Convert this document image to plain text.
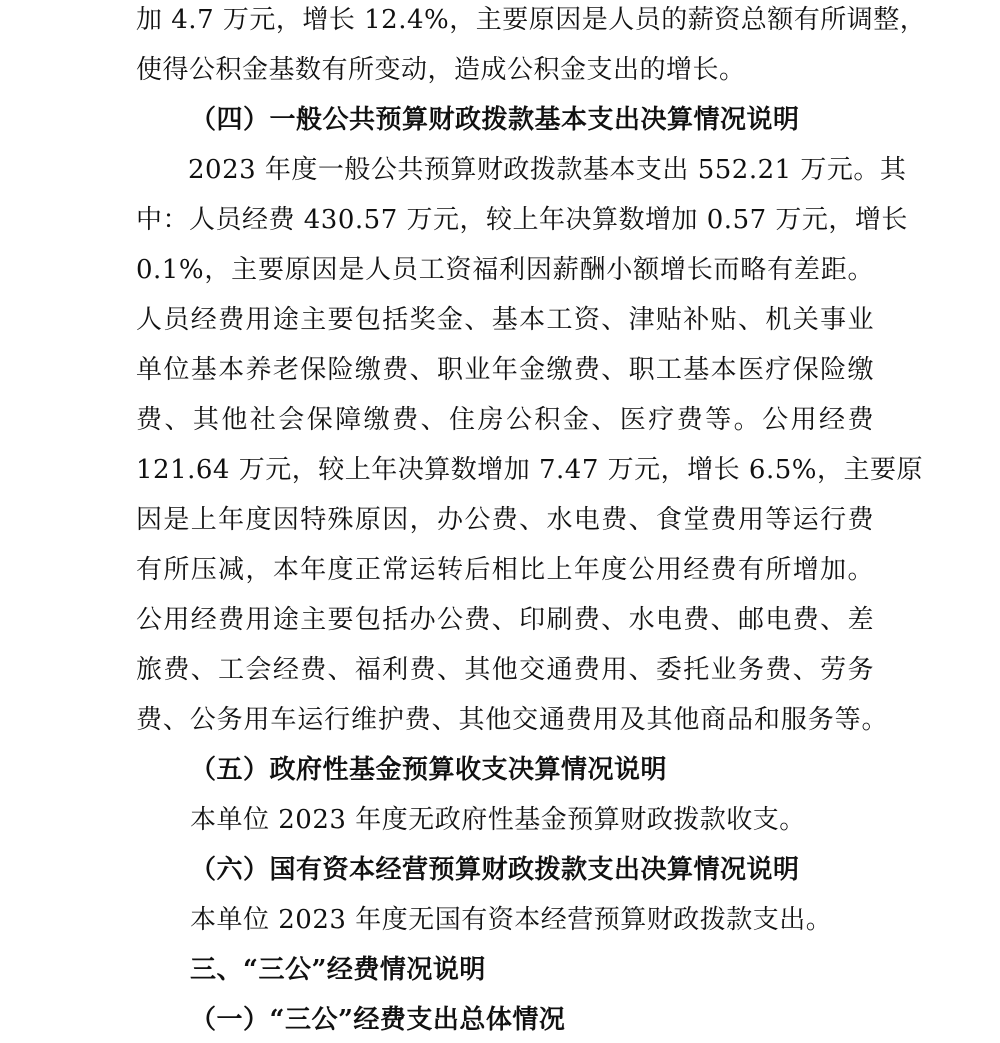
加 4.7 万元，增长 12.4%，主要原因是人员的薪资总额有所调整，

使得公积金基数有所变动，造成公积金支出的增长。

（四）一般公共预算财政拨款基本支出决算情况说明

2023 年度一般公共预算财政拨款基本支出 552.21 万元。其

中：人员经费 430.57 万元，较上年决算数增加 0.57 万元，增长

0.1%，主要原因是人员工资福利因薪酬小额增长而略有差距。

人员经费用途主要包括奖金、基本工资、津贴补贴、机关事业

单位基本养老保险缴费、职业年金缴费、职工基本医疗保险缴

费、其他社会保障缴费、住房公积金、医疗费等。公用经费

121.64 万元，较上年决算数增加 7.47 万元，增长 6.5%，主要原

因是上年度因特殊原因，办公费、水电费、食堂费用等运行费

有所压减，本年度正常运转后相比上年度公用经费有所增加。

公用经费用途主要包括办公费、印刷费、水电费、邮电费、差

旅费、工会经费、福利费、其他交通费用、委托业务费、劳务

费、公务用车运行维护费、其他交通费用及其他商品和服务等。

（五）政府性基金预算收支决算情况说明

本单位 2023 年度无政府性基金预算财政拨款收支。

（六）国有资本经营预算财政拨款支出决算情况说明

本单位 2023 年度无国有资本经营预算财政拨款支出。

三、“三公”经费情况说明

（一）“三公”经费支出总体情况
